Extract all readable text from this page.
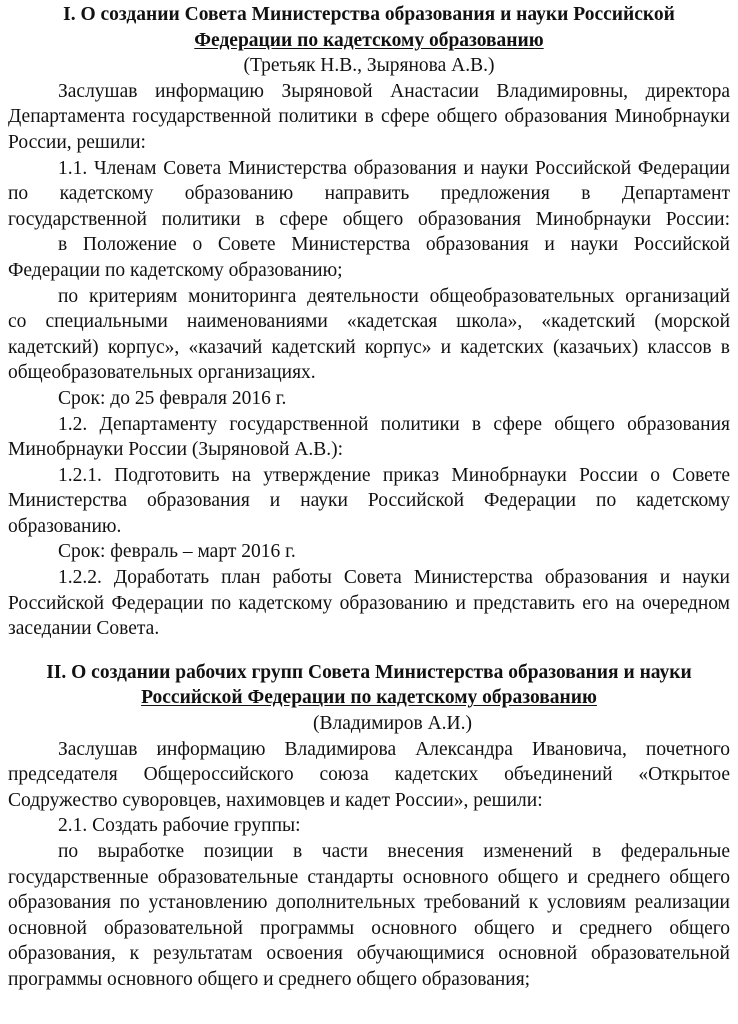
I. О создании Совета Министерства образования и науки Российской
Федерации по кадетскому образованию
(Третьяк Н.В., Зырянова А.В.)
Заслушав информацию Зыряновой Анастасии Владимировны, директора
Департамента государственной политики в сфере общего образования Минобрнауки
России, решили:
1.1. Членам Совета Министерства образования и науки Российской Федерации
по кадетскому образованию направить предложения в Департамент
государственной политики в сфере общего образования Минобрнауки России:
в Положение о Совете Министерства образования и науки Российской
Федерации по кадетскому образованию;
по критериям мониторинга деятельности общеобразовательных организаций
со специальными наименованиями «кадетская школа», «кадетский (морской
кадетский) корпус», «казачий кадетский корпус» и кадетских (казачьих) классов в
общеобразовательных организациях.
Срок: до 25 февраля 2016 г.
1.2. Департаменту государственной политики в сфере общего образования
Минобрнауки России (Зыряновой А.В.):
1.2.1. Подготовить на утверждение приказ Минобрнауки России о Совете
Министерства образования и науки Российской Федерации по кадетскому
образованию.
Срок: февраль – март 2016 г.
1.2.2. Доработать план работы Совета Министерства образования и науки
Российской Федерации по кадетскому образованию и представить его на очередном
заседании Совета.
II. О создании рабочих групп Совета Министерства образования и науки
Российской Федерации по кадетскому образованию
(Владимиров А.И.)
Заслушав информацию Владимирова Александра Ивановича, почетного
председателя Общероссийского союза кадетских объединений «Открытое
Содружество суворовцев, нахимовцев и кадет России», решили:
2.1. Создать рабочие группы:
по выработке позиции в части внесения изменений в федеральные
государственные образовательные стандарты основного общего и среднего общего
образования по установлению дополнительных требований к условиям реализации
основной образовательной программы основного общего и среднего общего
образования, к результатам освоения обучающимися основной образовательной
программы основного общего и среднего общего образования;
